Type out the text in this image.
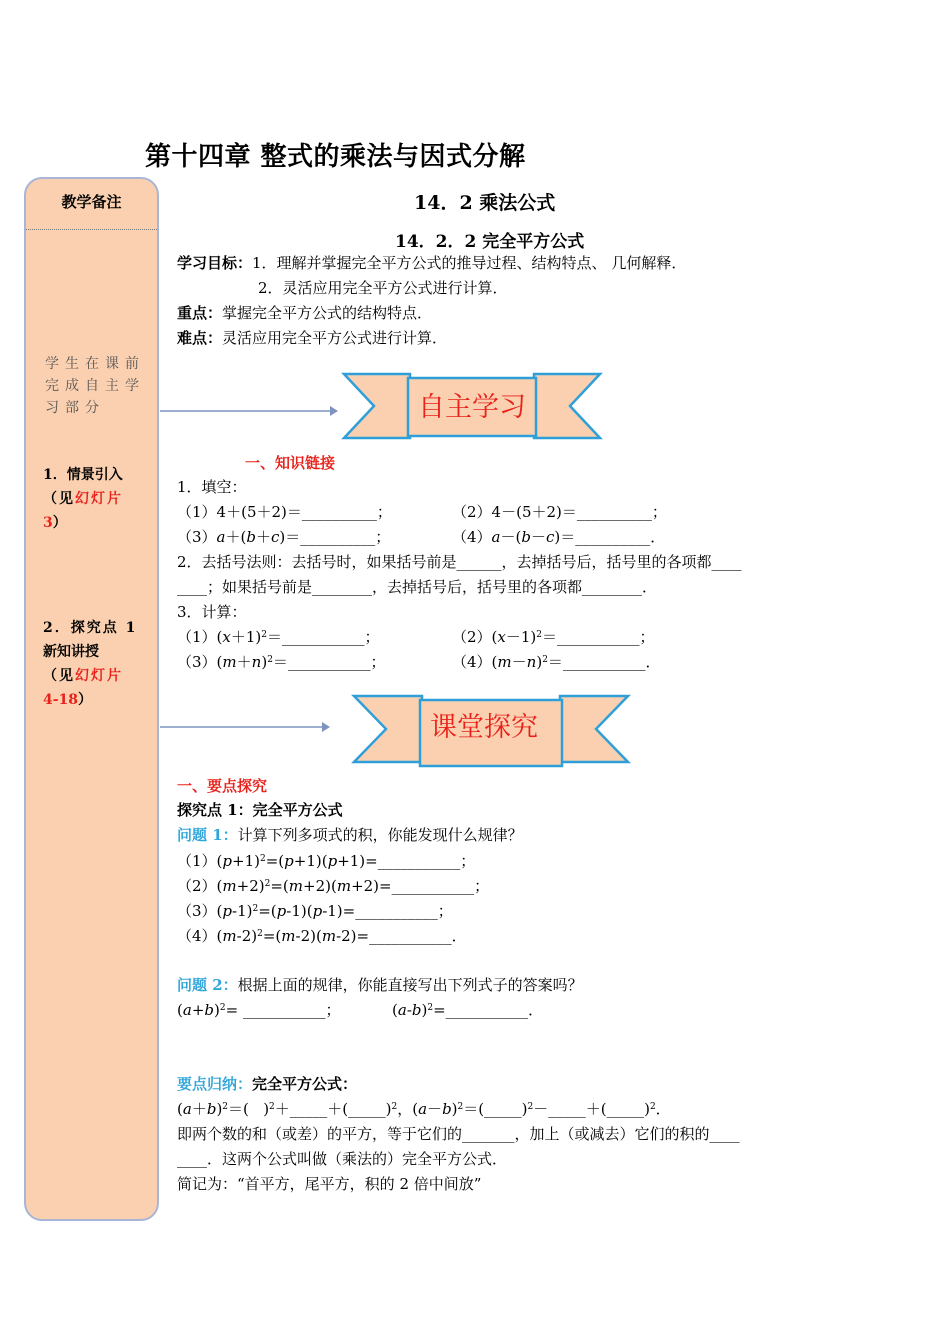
第十四章 整式的乘法与因式分解
教学备注
学生在课前完成自主学习部分
1．情景引入
（见幻灯片
3）
2．探究点 1
新知讲授
（见幻灯片
4-18）
14．2 乘法公式
14．2．2 完全平方公式
学习目标：1．理解并掌握完全平方公式的推导过程、结构特点、 几何解释．
2．灵活应用完全平方公式进行计算．
重点：掌握完全平方公式的结构特点．
难点：灵活应用完全平方公式进行计算．
自主学习
一、知识链接
1．填空：
（1）4＋(5＋2)＝__________；	（2）4－(5＋2)＝__________；
（3）a＋(b＋c)＝__________；	（4）a－(b－c)＝__________．
2．去括号法则：去括号时，如果括号前是______，去掉括号后，括号里的各项都____
____；如果括号前是________，去掉括号后，括号里的各项都________．
3．计算：
$(1)(x+1)^2=\_\_\_\_\_\_\_\_\_\_\_$；	$(2)(x-1)^2=\_\_\_\_\_\_\_\_\_\_\_$；
$(3)(m+n)^2=\_\_\_\_\_\_\_\_\_\_\_$；	$(4)(m-n)^2=\_\_\_\_\_\_\_\_\_\_\_$．
课堂探究
一、要点探究
探究点 1：完全平方公式
问题 1：计算下列多项式的积，你能发现什么规律？
$(1)(p+1)^2=(p+1)(p+1)=\_\_\_\_\_\_\_\_\_\_\_$；
$(2)(m+2)^2=(m+2)(m+2)=\_\_\_\_\_\_\_\_\_\_\_$；
$(3)(p-1)^2=(p-1)(p-1)=\_\_\_\_\_\_\_\_\_\_\_$；
$(4)(m-2)^2=(m-2)(m-2)=\_\_\_\_\_\_\_\_\_\_\_$．
问题 2：根据上面的规律，你能直接写出下列式子的答案吗？
$(a+b)^2=$ ___________；	$(a-b)^2=\_\_\_\_\_\_\_\_\_\_\_$．
要点归纳：完全平方公式：
$(a+b)^2=$(   )$^2$＋_____＋(_____)$^2$，$(a-b)^2=(\_\_\_\_\_)^2-\_\_\_\_\_+(\_\_\_\_\_)^2$．
即两个数的和（或差）的平方，等于它们的_______，加上（或减去）它们的积的____
____．这两个公式叫做（乘法的）完全平方公式．
简记为：“首平方，尾平方，积的 2 倍中间放”
